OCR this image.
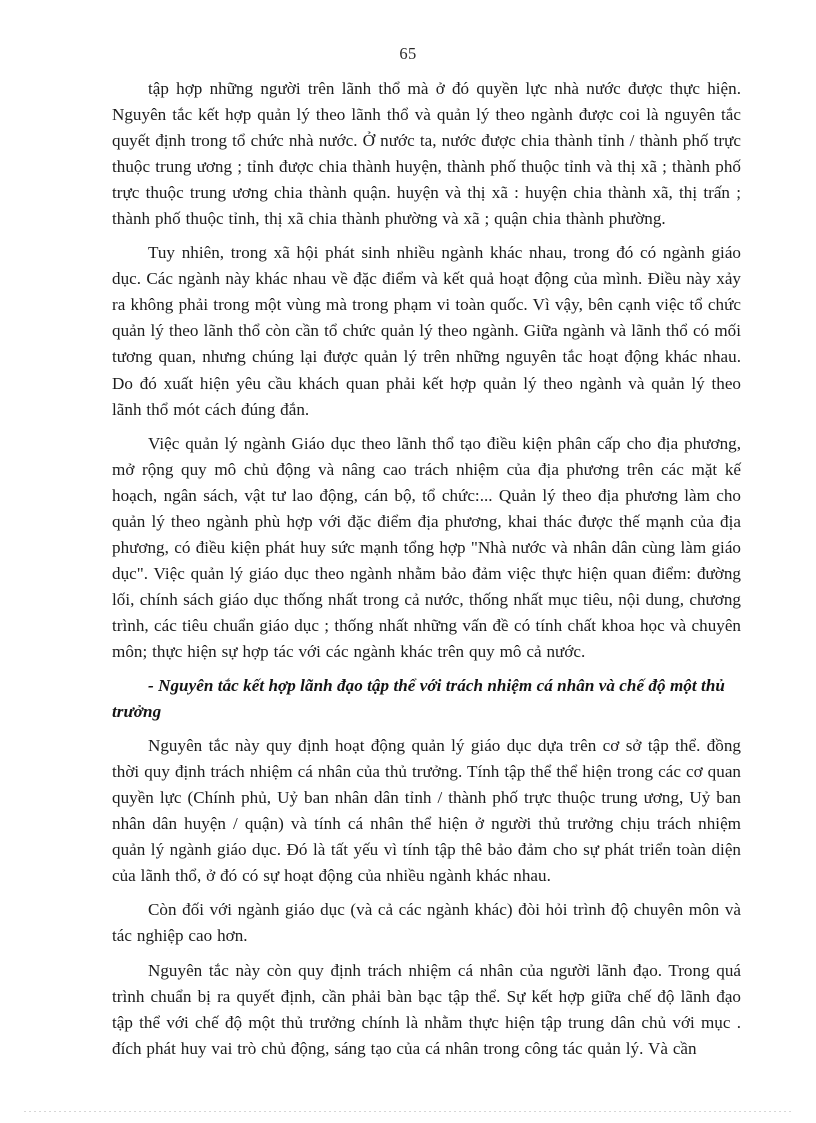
65

tập hợp những người trên lãnh thổ mà ở đó quyền lực nhà nước được thực hiện. Nguyên tắc kết hợp quản lý theo lãnh thổ và quản lý theo ngành được coi là nguyên tắc quyết định trong tổ chức nhà nước. Ở nước ta, nước được chia thành tỉnh / thành phố trực thuộc trung ương ; tỉnh được chia thành huyện, thành phố thuộc tỉnh và thị xã ; thành phố trực thuộc trung ương chia thành quận. huyện và thị xã : huyện chia thành xã, thị trấn ; thành phố thuộc tỉnh, thị xã chia thành phường và xã ; quận chia thành phường.

Tuy nhiên, trong xã hội phát sinh nhiều ngành khác nhau, trong đó có ngành giáo dục. Các ngành này khác nhau về đặc điểm và kết quả hoạt động của mình. Điều này xảy ra không phải trong một vùng mà trong phạm vi toàn quốc. Vì vậy, bên cạnh việc tổ chức quản lý theo lãnh thổ còn cần tổ chức quản lý theo ngành. Giữa ngành và lãnh thổ có mối tương quan, nhưng chúng lại được quản lý trên những nguyên tắc hoạt động khác nhau. Do đó xuất hiện yêu cầu khách quan phải kết hợp quản lý theo ngành và quản lý theo lãnh thổ mót cách đúng đắn.

Việc quản lý ngành Giáo dục theo lãnh thổ tạo điều kiện phân cấp cho địa phương, mở rộng quy mô chủ động và nâng cao trách nhiệm của địa phương trên các mặt kế hoạch, ngân sách, vật tư lao động, cán bộ, tổ chức:... Quản lý theo địa phương làm cho quản lý theo ngành phù hợp với đặc điểm địa phương, khai thác được thế mạnh của địa phương, có điều kiện phát huy sức mạnh tổng hợp "Nhà nước và nhân dân cùng làm giáo dục". Việc quản lý giáo dục theo ngành nhằm bảo đảm việc thực hiện quan điểm: đường lối, chính sách giáo dục thống nhất trong cả nước, thống nhất mục tiêu, nội dung, chương trình, các tiêu chuẩn giáo dục ; thống nhất những vấn đề có tính chất khoa học và chuyên môn; thực hiện sự hợp tác với các ngành khác trên quy mô cả nước.

- Nguyên tắc kết hợp lãnh đạo tập thể với trách nhiệm cá nhân và chế độ một thủ trưởng

Nguyên tắc này quy định hoạt động quản lý giáo dục dựa trên cơ sở tập thể. đồng thời quy định trách nhiệm cá nhân của thủ trưởng. Tính tập thể thể hiện trong các cơ quan quyền lực (Chính phủ, Uỷ ban nhân dân tỉnh / thành phố trực thuộc trung ương, Uỷ ban nhân dân huyện / quận) và tính cá nhân thể hiện ở người thủ trưởng chịu trách nhiệm quản lý ngành giáo dục. Đó là tất yếu vì tính tập thê bảo đảm cho sự phát triển toàn diện của lãnh thổ, ở đó có sự hoạt động của nhiều ngành khác nhau.

Còn đối với ngành giáo dục (và cả các ngành khác) đòi hỏi trình độ chuyên môn và tác nghiệp cao hơn.

Nguyên tắc này còn quy định trách nhiệm cá nhân của người lãnh đạo. Trong quá trình chuẩn bị ra quyết định, cần phải bàn bạc tập thể. Sự kết hợp giữa chế độ lãnh đạo tập thể với chế độ một thủ trưởng chính là nhằm thực hiện tập trung dân chủ với mục . đích phát huy vai trò chủ động, sáng tạo của cá nhân trong công tác quản lý. Và cần
